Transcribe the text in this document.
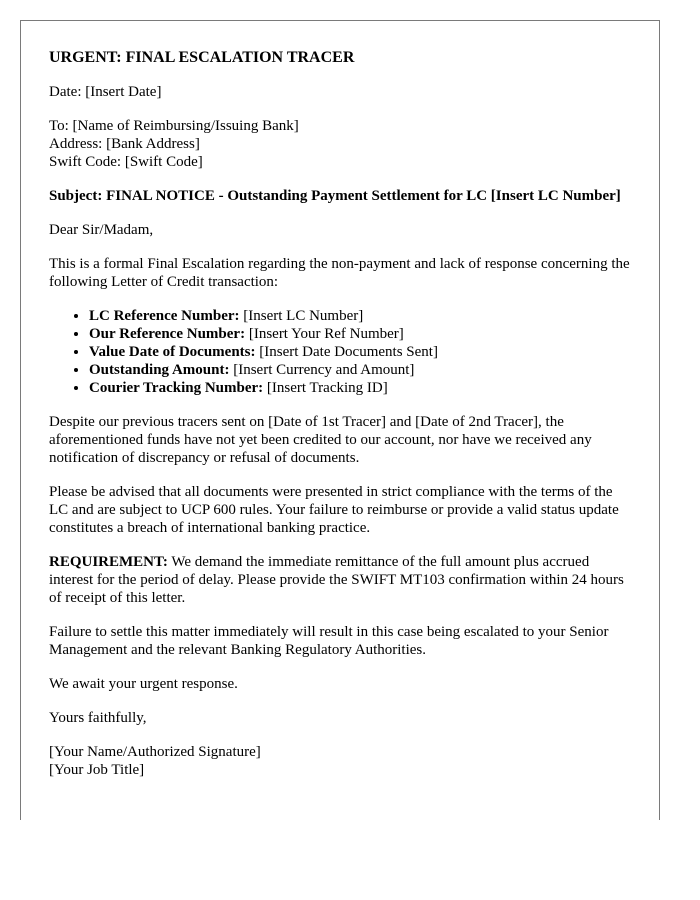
URGENT: FINAL ESCALATION TRACER

Date: [Insert Date]

To: [Name of Reimbursing/Issuing Bank]
Address: [Bank Address]
Swift Code: [Swift Code]

Subject: FINAL NOTICE - Outstanding Payment Settlement for LC [Insert LC Number]

Dear Sir/Madam,

This is a formal Final Escalation regarding the non-payment and lack of response concerning the following Letter of Credit transaction:

• LC Reference Number: [Insert LC Number]
• Our Reference Number: [Insert Your Ref Number]
• Value Date of Documents: [Insert Date Documents Sent]
• Outstanding Amount: [Insert Currency and Amount]
• Courier Tracking Number: [Insert Tracking ID]

Despite our previous tracers sent on [Date of 1st Tracer] and [Date of 2nd Tracer], the aforementioned funds have not yet been credited to our account, nor have we received any notification of discrepancy or refusal of documents.

Please be advised that all documents were presented in strict compliance with the terms of the LC and are subject to UCP 600 rules. Your failure to reimburse or provide a valid status update constitutes a breach of international banking practice.

REQUIREMENT: We demand the immediate remittance of the full amount plus accrued interest for the period of delay. Please provide the SWIFT MT103 confirmation within 24 hours of receipt of this letter.

Failure to settle this matter immediately will result in this case being escalated to your Senior Management and the relevant Banking Regulatory Authorities.

We await your urgent response.

Yours faithfully,

[Your Name/Authorized Signature]

[Your Job Title]
